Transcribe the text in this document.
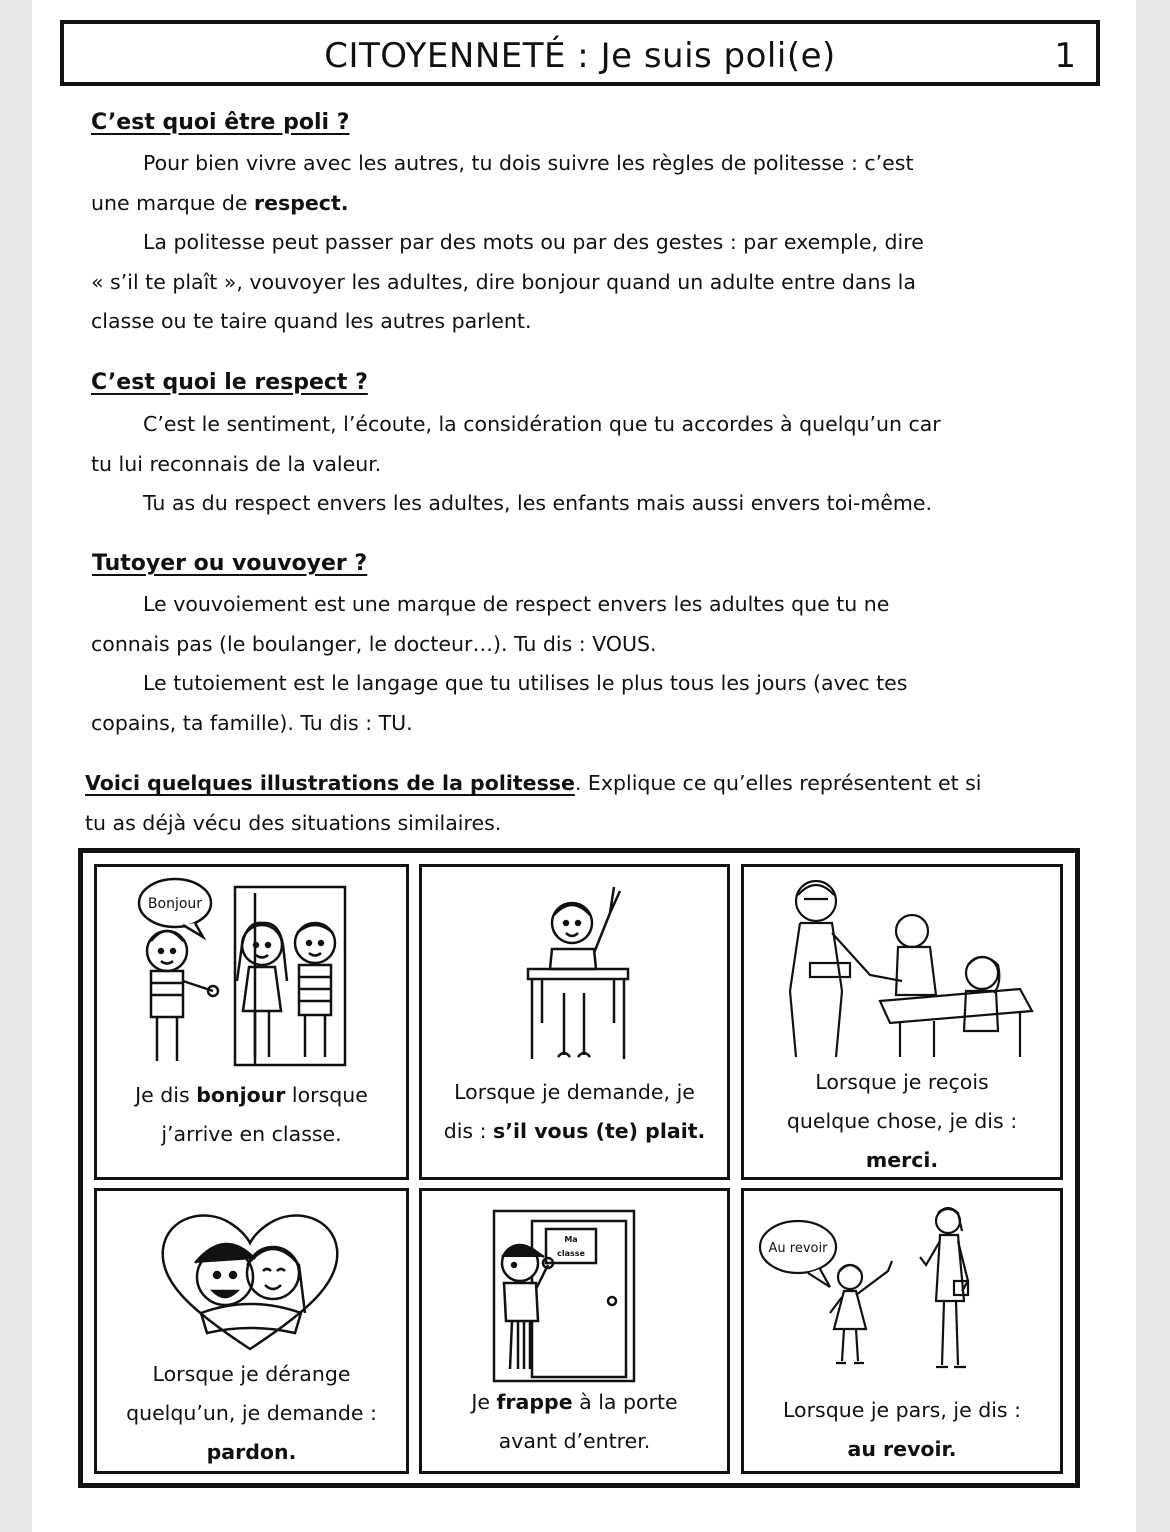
CITOYENNETÉ : Je suis poli(e)	1
C’est quoi être poli ?
Pour bien vivre avec les autres, tu dois suivre les règles de politesse : c’est
une marque de respect.
La politesse peut passer par des mots ou par des gestes : par exemple, dire
« s’il te plaît », vouvoyer les adultes, dire bonjour quand un adulte entre dans la
classe ou te taire quand les autres parlent.
C’est quoi le respect ?
C’est le sentiment, l’écoute, la considération que tu accordes à quelqu’un car
tu lui reconnais de la valeur.
Tu as du respect envers les adultes, les enfants mais aussi envers toi-même.
Tutoyer ou vouvoyer ?
Le vouvoiement est une marque de respect envers les adultes que tu ne
connais pas (le boulanger, le docteur…). Tu dis : VOUS.
Le tutoiement est le langage que tu utilises le plus tous les jours (avec tes
copains, ta famille). Tu dis : TU.
Voici quelques illustrations de la politesse. Explique ce qu’elles représentent et si
tu as déjà vécu des situations similaires.
Bonjour
Je dis bonjour lorsque
j’arrive en classe.
Lorsque je demande, je
dis : s’il vous (te) plait.
Lorsque je reçois
quelque chose, je dis :
merci.
Lorsque je dérange
quelqu’un, je demande :
pardon.
Ma
classe
Je frappe à la porte
avant d’entrer.
Au revoir
Lorsque je pars, je dis :
au revoir.
